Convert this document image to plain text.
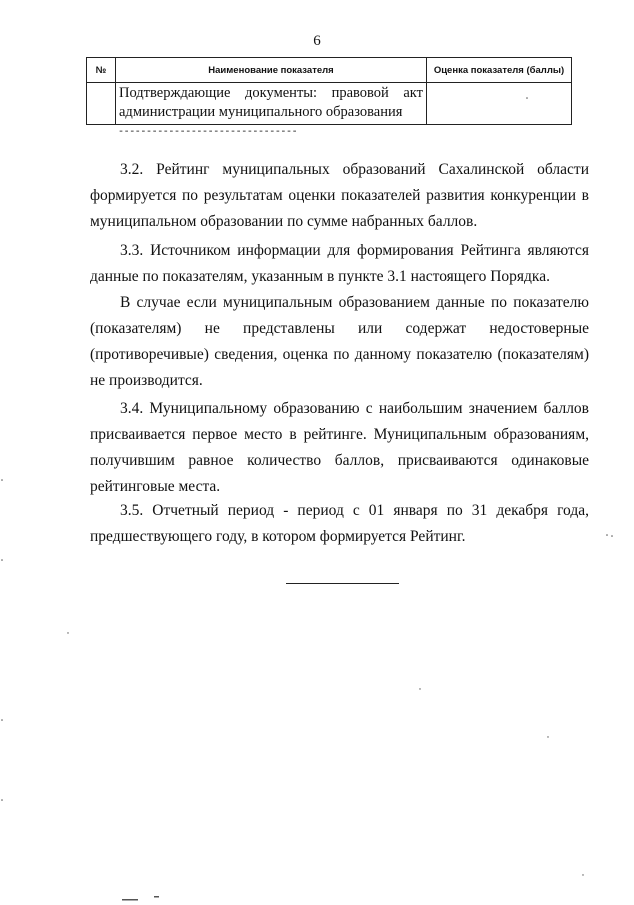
6
№	Наименование показателя	Оценка показателя (баллы)
	Подтверждающие документы: правовой акт администрации муниципального образования	
--------------------------------

3.2. Рейтинг муниципальных образований Сахалинской области формируется по результатам оценки показателей развития конкуренции в муниципальном образовании по сумме набранных баллов.

3.3. Источником информации для формирования Рейтинга являются данные по показателям, указанным в пункте 3.1 настоящего Порядка.

В случае если муниципальным образованием данные по показателю (показателям) не представлены или содержат недостоверные (противоречивые) сведения, оценка по данному показателю (показателям) не производится.

3.4. Муниципальному образованию с наибольшим значением баллов присваивается первое место в рейтинге. Муниципальным образованиям, получившим равное количество баллов, присваиваются одинаковые рейтинговые места.

3.5. Отчетный период - период с 01 января по 31 декабря года, предшествующего году, в котором формируется Рейтинг.
